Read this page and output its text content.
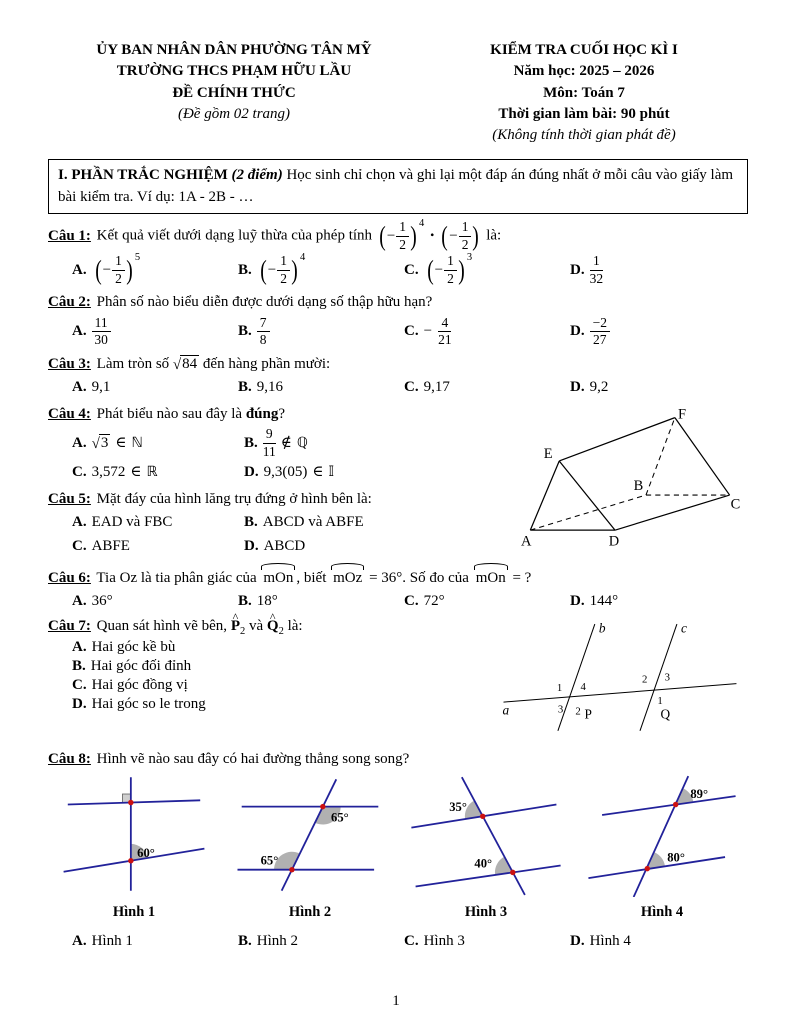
ỦY BAN NHÂN DÂN PHƯỜNG TÂN MỸ
TRƯỜNG THCS PHẠM HỮU LẦU
ĐỀ CHÍNH THỨC
(Đề gồm 02 trang)
KIỂM TRA CUỐI HỌC KÌ I
Năm học: 2025 – 2026
Môn: Toán 7
Thời gian làm bài: 90 phút
(Không tính thời gian phát đề)
I. PHẦN TRẮC NGHIỆM (2 điểm) Học sinh chỉ chọn và ghi lại một đáp án đúng nhất ở mỗi câu vào giấy làm bài kiểm tra. Ví dụ: 1A - 2B - …
Câu 1: Kết quả viết dưới dạng luỹ thừa của phép tính ( − $\frac{1}{2} )^4$
⋅ ( − $\frac{1}{2}$ ) là:
A. ( − $\frac{1}{2} )^5$
B. ( − $\frac{1}{2} )^4$
C. ( − $\frac{1}{2} )^3$
D. $\frac{1}{32}$
Câu 2: Phân số nào biểu diễn được dưới dạng số thập hữu hạn?
A. $\frac{11}{30}$	B. $\frac{7}{8}$	C. − $\frac{4}{21}$	D. $\frac{-2}{27}$
Câu 3: Làm tròn số √84 đến hàng phần mười:
A. 9,1	B. 9,16	C. 9,17	D. 9,2
Câu 4: Phát biểu nào sau đây là đúng?
A. √3 ∈ ℕ	B. $\frac{9}{11}$ ∉ ℚ
C. 3,572 ∈ ℝ	D. 9,3(05) ∈ 𝕀
Câu 5: Mặt đáy của hình lăng trụ đứng ở hình bên là:
A. EAD và FBC	B. ABCD và ABFE
C. ABFE	D. ABCD
E
F
A
B
C
D
Câu 6: Tia Oz là tia phân giác của mOn , biết mOz = 36°. Số đo của mOn = ?
A. 36°	B. 18°	C. 72°	D. 144°
Câu 7: Quan sát hình vẽ bên, P $\^{}_2$ và Q $\^{}_2$ là:
A. Hai góc kề bù
B. Hai góc đối đỉnh
C. Hai góc đồng vị
D. Hai góc so le trong	a
b	c
1 4
3 2 P
2 3
1
Q
Câu 8: Hình vẽ nào sau đây có hai đường thẳng song song?
60°
Hình 1
65°
65°
Hình 2
35°
40°
Hình 3
89°
80°
Hình 4
A. Hình 1	B. Hình 2	C. Hình 3	D. Hình 4
1
